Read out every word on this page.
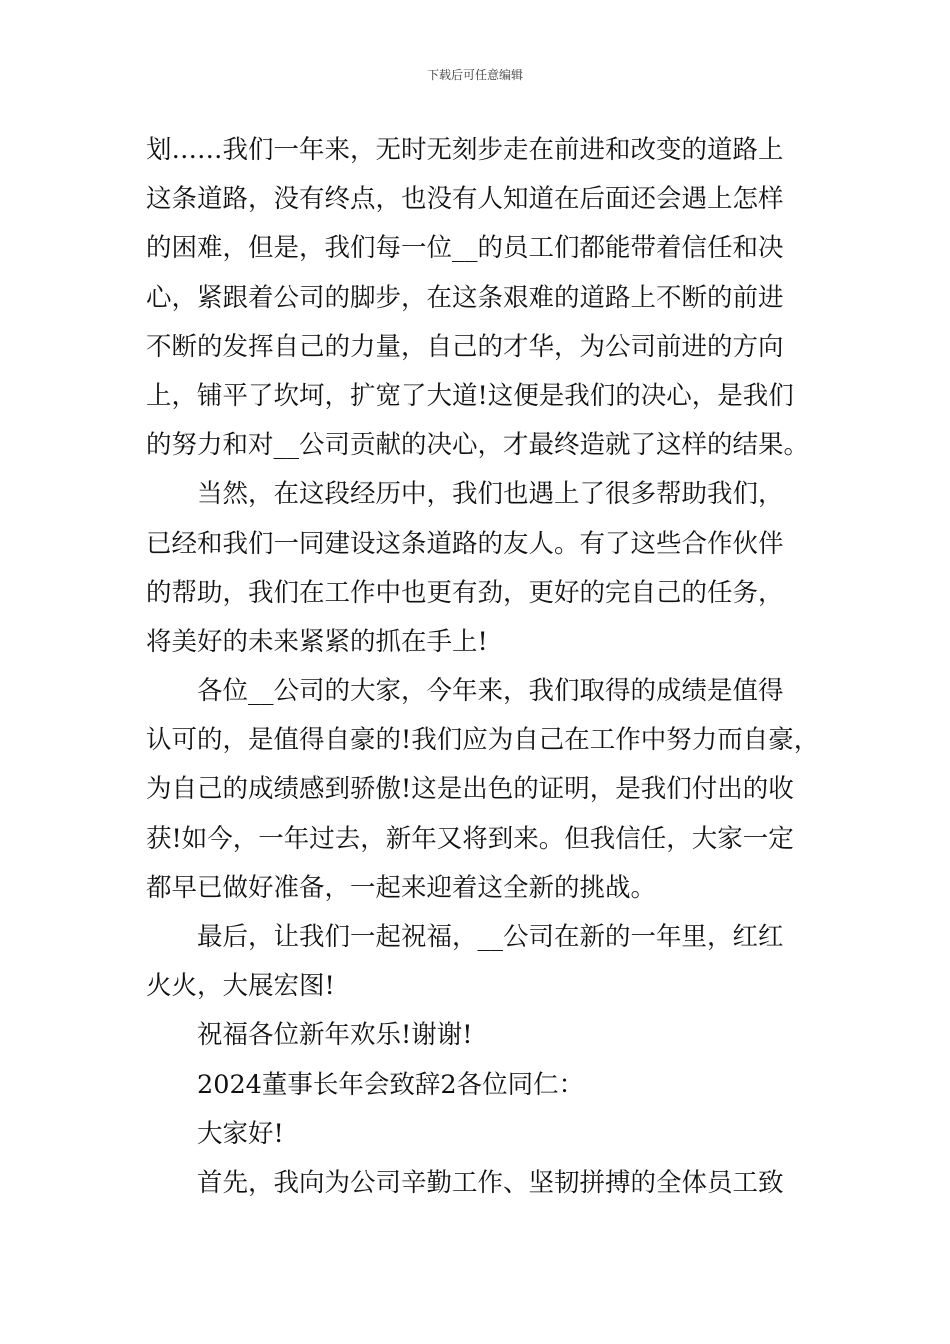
下载后可任意编辑
划……我们一年来，无时无刻步走在前进和改变的道路上
这条道路，没有终点，也没有人知道在后面还会遇上怎样
的困难，但是，我们每一位__的员工们都能带着信任和决
心，紧跟着公司的脚步，在这条艰难的道路上不断的前进
不断的发挥自己的力量，自己的才华，为公司前进的方向
上，铺平了坎坷，扩宽了大道!这便是我们的决心，是我们
的努力和对__公司贡献的决心，才最终造就了这样的结果。
当然，在这段经历中，我们也遇上了很多帮助我们，
已经和我们一同建设这条道路的友人。有了这些合作伙伴
的帮助，我们在工作中也更有劲，更好的完自己的任务，
将美好的未来紧紧的抓在手上!
各位__公司的大家，今年来，我们取得的成绩是值得
认可的，是值得自豪的!我们应为自己在工作中努力而自豪，
为自己的成绩感到骄傲!这是出色的证明，是我们付出的收
获!如今，一年过去，新年又将到来。但我信任，大家一定
都早已做好准备，一起来迎着这全新的挑战。
最后，让我们一起祝福，__公司在新的一年里，红红
火火，大展宏图!
祝福各位新年欢乐!谢谢!
2024董事长年会致辞2各位同仁：
大家好!
首先，我向为公司辛勤工作、坚韧拼搏的全体员工致
